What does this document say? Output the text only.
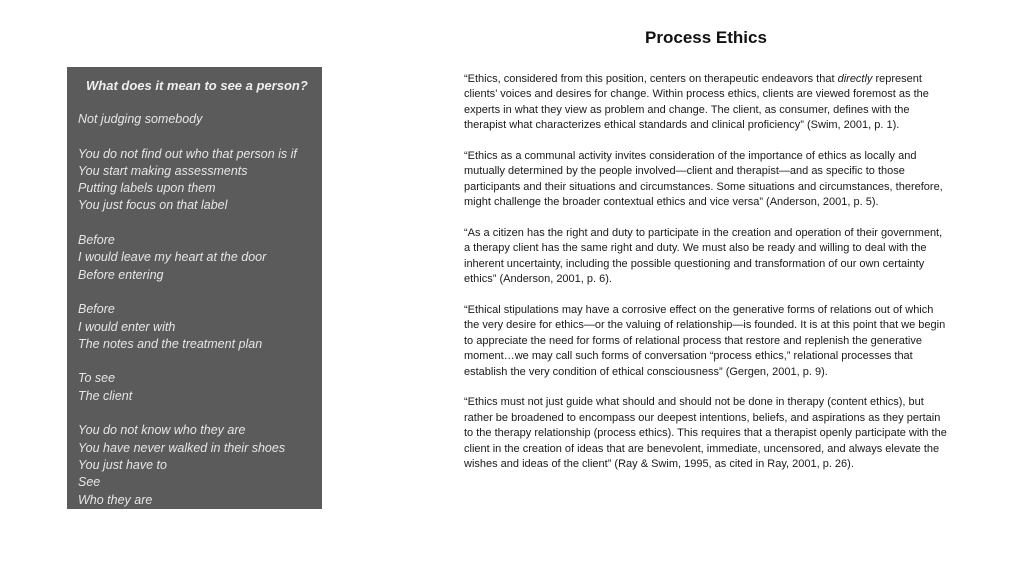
Process Ethics
What does it mean to see a person?
Not judging somebody
You do not find out who that person is if
You start making assessments
Putting labels upon them
You just focus on that label
Before
I would leave my heart at the door
Before entering
Before
I would enter with
The notes and the treatment plan
To see
The client
You do not know who they are
You have never walked in their shoes
You just have to
See
Who they are

“Ethics, considered from this position, centers on therapeutic endeavors that directly represent clients’ voices and desires for change. Within process ethics, clients are viewed foremost as the experts in what they view as problem and change. The client, as consumer, defines with the therapist what characterizes ethical standards and clinical proficiency” (Swim, 2001, p. 1).

“Ethics as a communal activity invites consideration of the importance of ethics as locally and mutually determined by the people involved—client and therapist—and as specific to those participants and their situations and circumstances. Some situations and circumstances, therefore, might challenge the broader contextual ethics and vice versa” (Anderson, 2001, p. 5).

“As a citizen has the right and duty to participate in the creation and operation of their government, a therapy client has the same right and duty. We must also be ready and willing to deal with the inherent uncertainty, including the possible questioning and transformation of our own certainty ethics” (Anderson, 2001, p. 6).

“Ethical stipulations may have a corrosive effect on the generative forms of relations out of which the very desire for ethics—or the valuing of relationship—is founded. It is at this point that we begin to appreciate the need for forms of relational process that restore and replenish the generative moment…we may call such forms of conversation “process ethics,” relational processes that establish the very condition of ethical consciousness” (Gergen, 2001, p. 9).

“Ethics must not just guide what should and should not be done in therapy (content ethics), but rather be broadened to encompass our deepest intentions, beliefs, and aspirations as they pertain to the therapy relationship (process ethics). This requires that a therapist openly participate with the client in the creation of ideas that are benevolent, immediate, uncensored, and always elevate the wishes and ideas of the client” (Ray & Swim, 1995, as cited in Ray, 2001, p. 26).
